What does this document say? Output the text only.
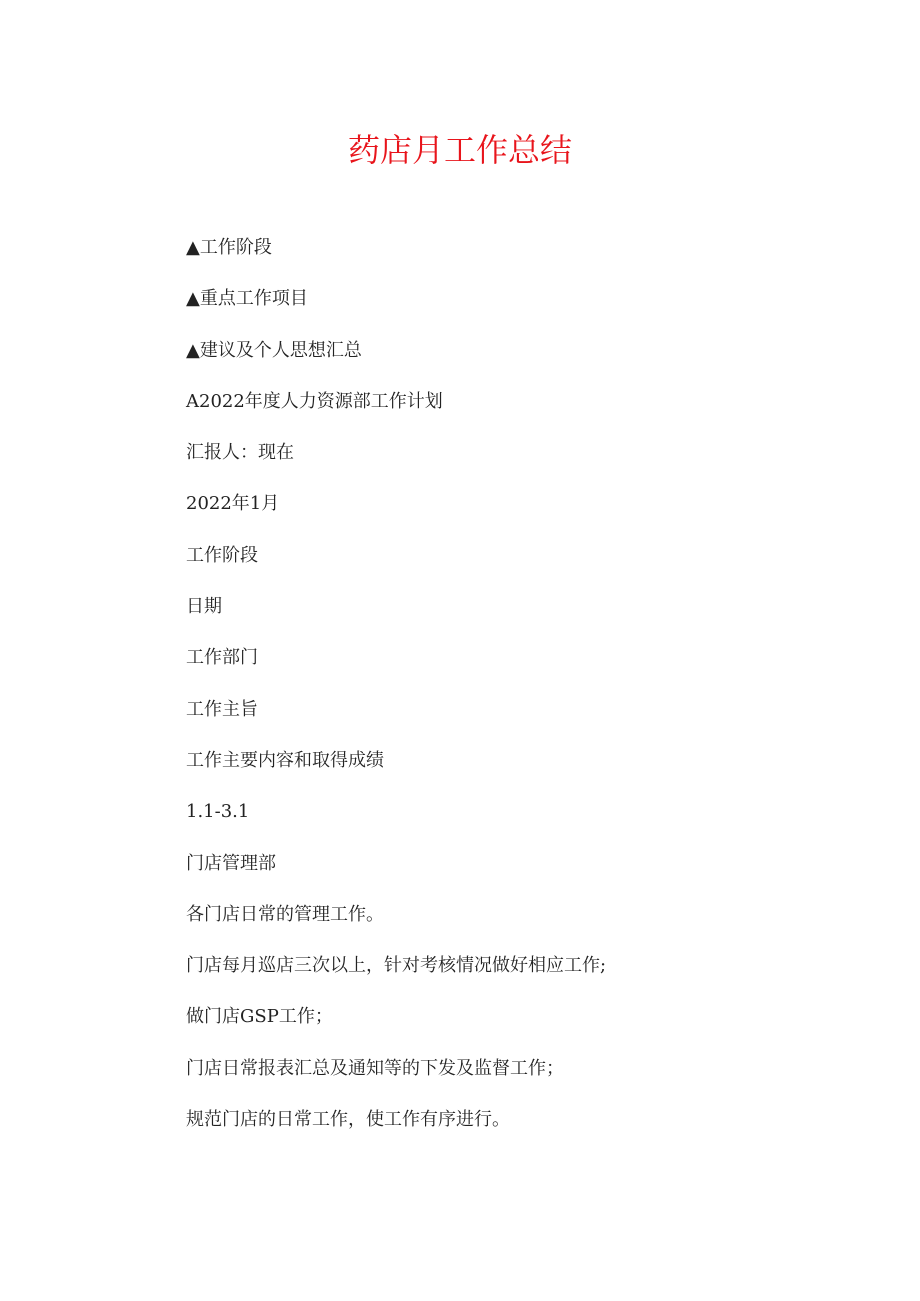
药店月工作总结
▲工作阶段
▲重点工作项目
▲建议及个人思想汇总
A2022年度人力资源部工作计划
汇报人：现在
2022年1月
工作阶段
日期
工作部门
工作主旨
工作主要内容和取得成绩
1.1-3.1
门店管理部
各门店日常的管理工作。
门店每月巡店三次以上，针对考核情况做好相应工作;
做门店GSP工作；
门店日常报表汇总及通知等的下发及监督工作；
规范门店的日常工作，使工作有序进行。
